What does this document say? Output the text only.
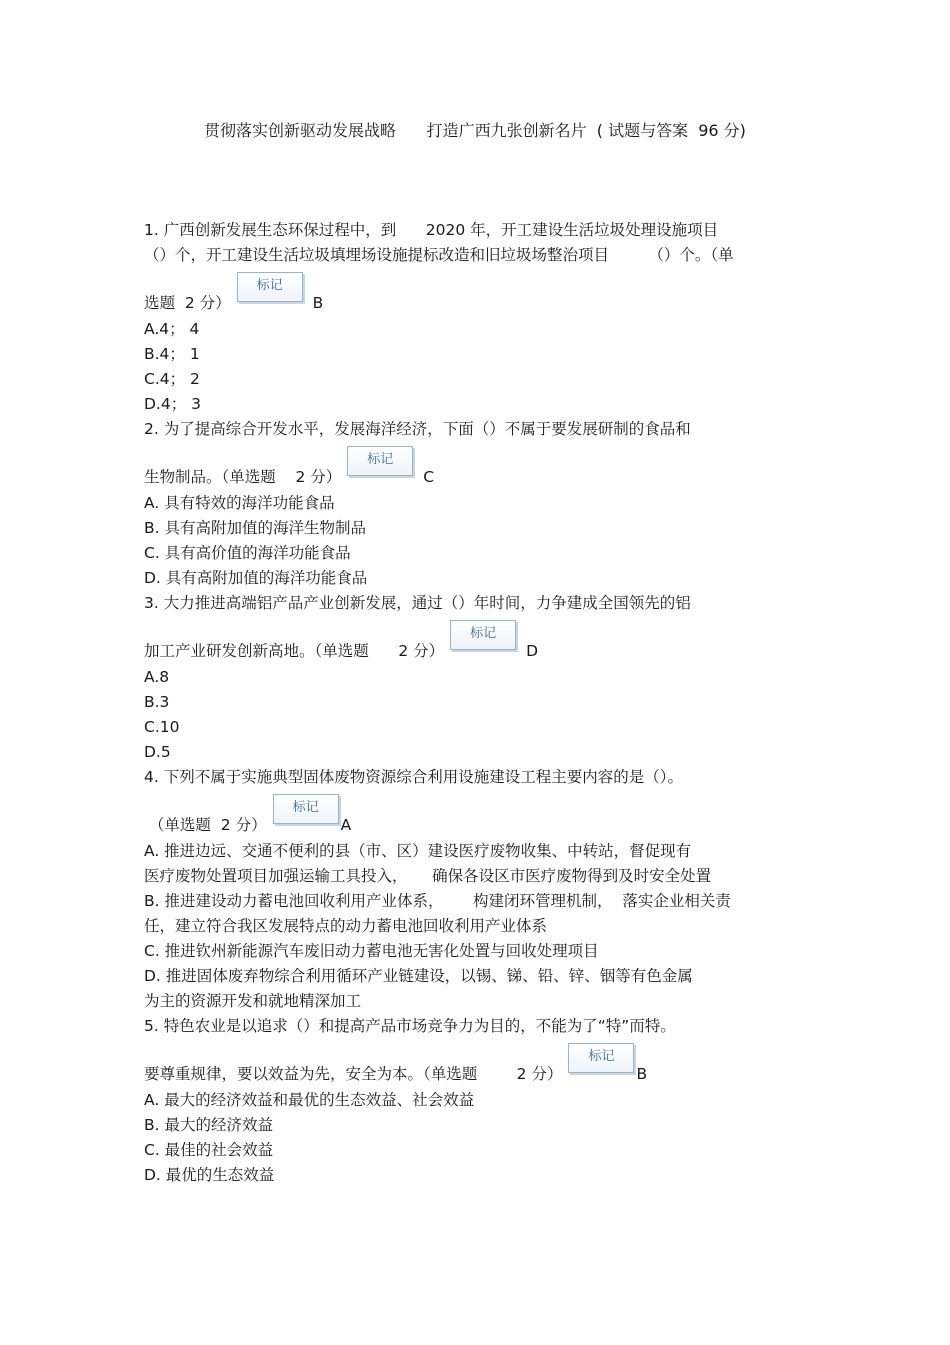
贯彻落实创新驱动发展战略      打造广西九张创新名片  ( 试题与答案  96 分)
1. 广西创新发展生态环保过程中，到      2020 年，开工建设生活垃圾处理设施项目
（）个，开工建设生活垃圾填埋场设施提标改造和旧垃圾场整治项目        （）个。（单
选题  2 分）
标记
B
A.4； 4
B.4； 1
C.4； 2
D.4； 3
2. 为了提高综合开发水平，发展海洋经济，下面（）不属于要发展研制的食品和
生物制品。（单选题    2 分）
标记
C
A. 具有特效的海洋功能食品
B. 具有高附加值的海洋生物制品
C. 具有高价值的海洋功能食品
D. 具有高附加值的海洋功能食品
3. 大力推进高端铝产品产业创新发展，通过（）年时间，力争建成全国领先的铝
加工产业研发创新高地。（单选题      2 分）
标记
D
A.8
B.3
C.10
D.5
4. 下列不属于实施典型固体废物资源综合利用设施建设工程主要内容的是（）。
（单选题  2 分）
标记
A
A. 推进边远、交通不便利的县（市、区）建设医疗废物收集、中转站，督促现有
医疗废物处置项目加强运输工具投入，     确保各设区市医疗废物得到及时安全处置
B. 推进建设动力蓄电池回收利用产业体系，      构建闭环管理机制，  落实企业相关责
任，建立符合我区发展特点的动力蓄电池回收利用产业体系
C. 推进钦州新能源汽车废旧动力蓄电池无害化处置与回收处理项目
D. 推进固体废弃物综合利用循环产业链建设，以锡、锑、铅、锌、铟等有色金属
为主的资源开发和就地精深加工
5. 特色农业是以追求（）和提高产品市场竞争力为目的，不能为了“特”而特。
要尊重规律，要以效益为先，安全为本。（单选题        2 分）
标记
B
A. 最大的经济效益和最优的生态效益、社会效益
B. 最大的经济效益
C. 最佳的社会效益
D. 最优的生态效益
